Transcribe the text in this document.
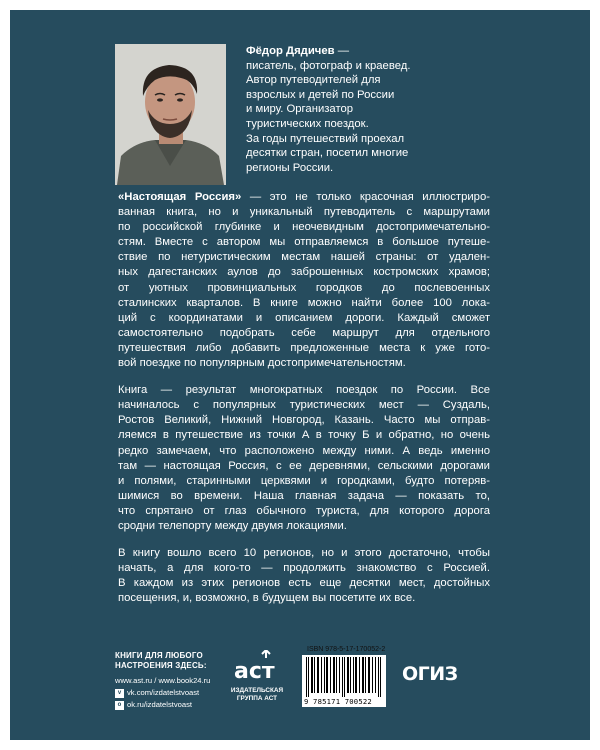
Фёдор Дядичев —
писатель, фотограф и краевед.
Автор путеводителей для
взрослых и детей по России
и миру. Организатор
туристических поездок.
За годы путешествий проехал
десятки стран, посетил многие
регионы России.
«Настоящая Россия» — это не только красочная иллюстриро-
ванная книга, но и уникальный путеводитель с маршрутами
по российской глубинке и неочевидным достопримечательно-
стям. Вместе с автором мы отправляемся в большое путеше-
ствие по нетуристическим местам нашей страны: от удален-
ных дагестанских аулов до заброшенных костромских храмов;
от уютных провинциальных городков до послевоенных
сталинских кварталов. В книге можно найти более 100 лока-
ций с координатами и описанием дороги. Каждый сможет
самостоятельно подобрать себе маршрут для отдельного
путешествия либо добавить предложенные места к уже гото-
вой поездке по популярным достопримечательностям.
Книга — результат многократных поездок по России. Все
начиналось с популярных туристических мест — Суздаль,
Ростов Великий, Нижний Новгород, Казань. Часто мы отправ-
ляемся в путешествие из точки А в точку Б и обратно, но очень
редко замечаем, что расположено между ними. А ведь именно
там — настоящая Россия, с ее деревнями, сельскими дорогами
и полями, старинными церквями и городками, будто потеряв-
шимися во времени. Наша главная задача — показать то,
что спрятано от глаз обычного туриста, для которого дорога
сродни телепорту между двумя локациями.
В книгу вошло всего 10 регионов, но и этого достаточно, чтобы
начать, а для кого-то — продолжить знакомство с Россией.
В каждом из этих регионов есть еще десятки мест, достойных
посещения, и, возможно, в будущем вы посетите их все.
КНИГИ ДЛЯ ЛЮБОГО
НАСТРОЕНИЯ ЗДЕСЬ:
www.ast.ru / www.book24.ru
v vk.com/izdatelstvoast
o ok.ru/izdatelstvoast
аст
ИЗДАТЕЛЬСКАЯ
ГРУППА АСТ
ISBN 978-5-17-170052-2
9 785171 700522
ОГИЗ
